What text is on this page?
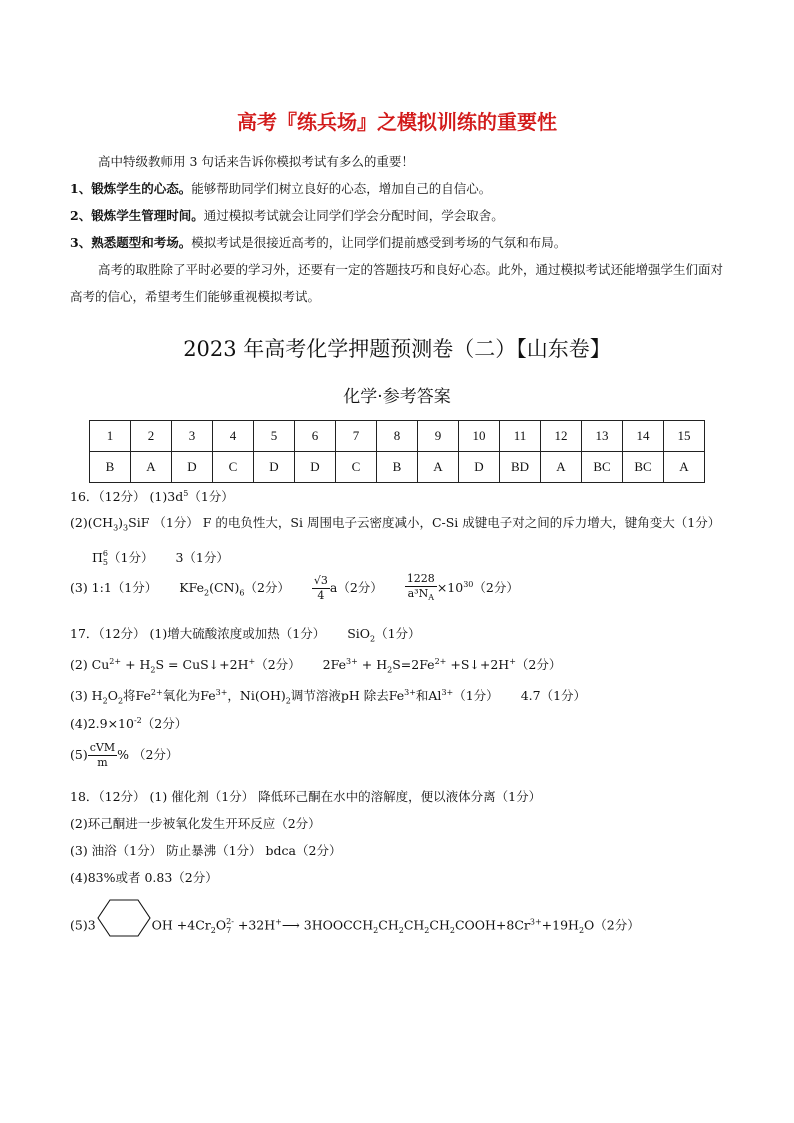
高考『练兵场』之模拟训练的重要性

高中特级教师用 3 句话来告诉你模拟考试有多么的重要！

1、锻炼学生的心态。能够帮助同学们树立良好的心态，增加自己的自信心。

2、锻炼学生管理时间。通过模拟考试就会让同学们学会分配时间，学会取舍。

3、熟悉题型和考场。模拟考试是很接近高考的，让同学们提前感受到考场的气氛和布局。

高考的取胜除了平时必要的学习外，还要有一定的答题技巧和良好心态。此外，通过模拟考试还能增强学生们面对高考的信心，希望考生们能够重视模拟考试。

2023 年高考化学押题预测卷（二）【山东卷】
化学·参考答案
1	2	3	4	5	6	7	8	9	10	11	12	13	14	15
B	A	D	C	D	D	C	B	A	D	BD	A	BC	BC	A
16．（12分） $(1)3d^5(1$分）
$(2)(CH_3)_3SiF$ （1分） F 的电负性大，Si 周围电子云密度减小，C-Si 成键电子对之间的斥力增大，键角变大（1分）Π 6
5 （1分） 3（1分）
(3) 1:1（1分） $KFe_2(CN)_6(2$分） $\frac{√3}{4} a(2$分） $\frac{1228}{a^3N_A} \times 10^{30}(2$分）
17．（12分） (1)增大硫酸浓度或加热（1分） SiO$_2$（1分）
(2) $Cu^{2+} + H_2S$ = CuS↓+2H+（2分） $2Fe^{3+} + H_2S=2Fe^{2+}$ +S↓+2H+（2分）
(3) $H_2O_2$将$Fe^{2+}$氧化为$Fe^{3+}$，$Ni(OH)_2$调节溶液pH 除去$Fe^{3+}$和$Al^{3+}(1$分） 4.7（1分）
$(4)2.9\times 10^{-2}(2$分）
$(5) \frac{\text{cVM}}{m}$ % （2分）
18．（12分） (1) 催化剂（1分） 降低环己酮在水中的溶解度，便以液体分离（1分）
(2)环己酮进一步被氧化发生开环反应（2分）
(3) 油浴（1分） 防止暴沸（1分） bdca（2分）
(4)83%或者 0.83（2分）
(5)3	OH $+4Cr_2O$ 2-
7 +32H+⟶ $3HOOCCH_2CH_2CH_2CH_2COOH+8Cr^{3+}+19H_2O(2$分）
